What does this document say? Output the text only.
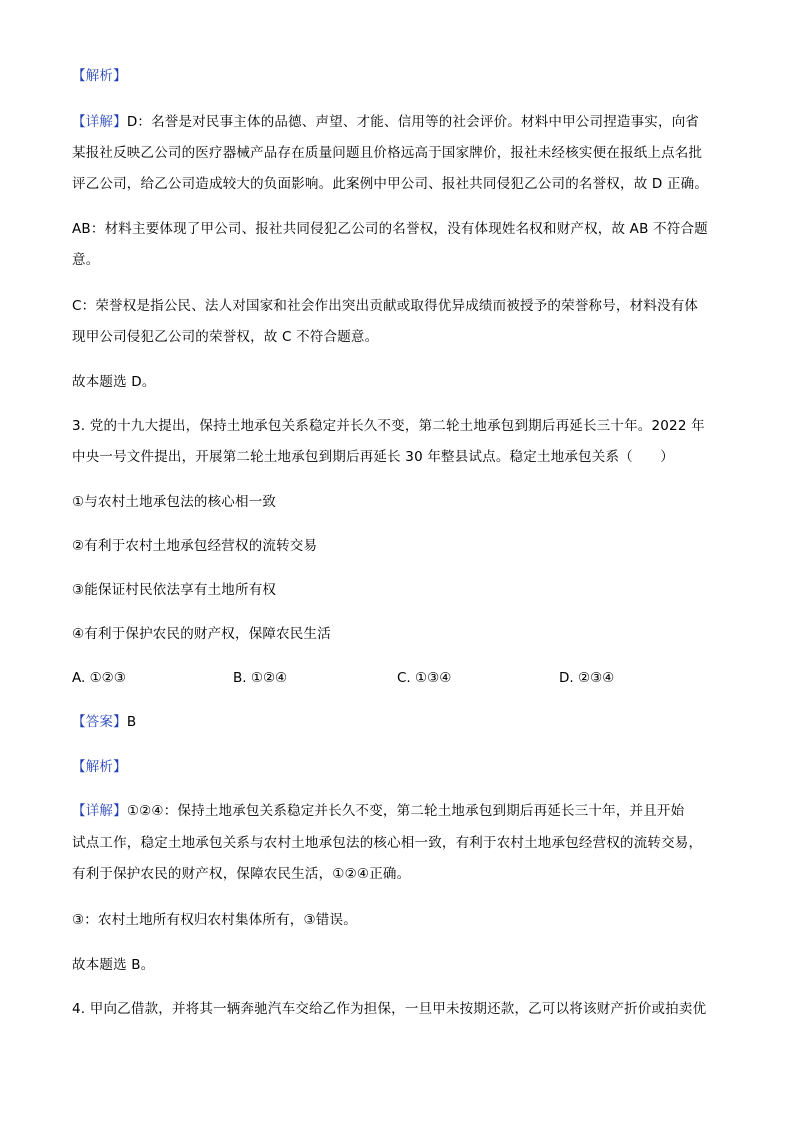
【解析】
【详解】D：名誉是对民事主体的品德、声望、才能、信用等的社会评价。材料中甲公司捏造事实，向省
某报社反映乙公司的医疗器械产品存在质量问题且价格远高于国家牌价，报社未经核实便在报纸上点名批
评乙公司，给乙公司造成较大的负面影响。此案例中甲公司、报社共同侵犯乙公司的名誉权，故 D 正确。
AB：材料主要体现了甲公司、报社共同侵犯乙公司的名誉权，没有体现姓名权和财产权，故 AB 不符合题
意。
C：荣誉权是指公民、法人对国家和社会作出突出贡献或取得优异成绩而被授予的荣誉称号，材料没有体
现甲公司侵犯乙公司的荣誉权，故 C 不符合题意。
故本题选 D。
3. 党的十九大提出，保持土地承包关系稳定并长久不变，第二轮土地承包到期后再延长三十年。2022 年
中央一号文件提出，开展第二轮土地承包到期后再延长 30 年整县试点。稳定土地承包关系（　　）
①与农村土地承包法的核心相一致
②有利于农村土地承包经营权的流转交易
③能保证村民依法享有土地所有权
④有利于保护农民的财产权，保障农民生活
A. ①②③	B. ①②④	C. ①③④	D. ②③④
【答案】B
【解析】
【详解】①②④：保持土地承包关系稳定并长久不变，第二轮土地承包到期后再延长三十年，并且开始
试点工作，稳定土地承包关系与农村土地承包法的核心相一致，有利于农村土地承包经营权的流转交易，
有利于保护农民的财产权，保障农民生活，①②④正确。
③：农村土地所有权归农村集体所有，③错误。
故本题选 B。
4. 甲向乙借款，并将其一辆奔驰汽车交给乙作为担保，一旦甲未按期还款，乙可以将该财产折价或拍卖优
